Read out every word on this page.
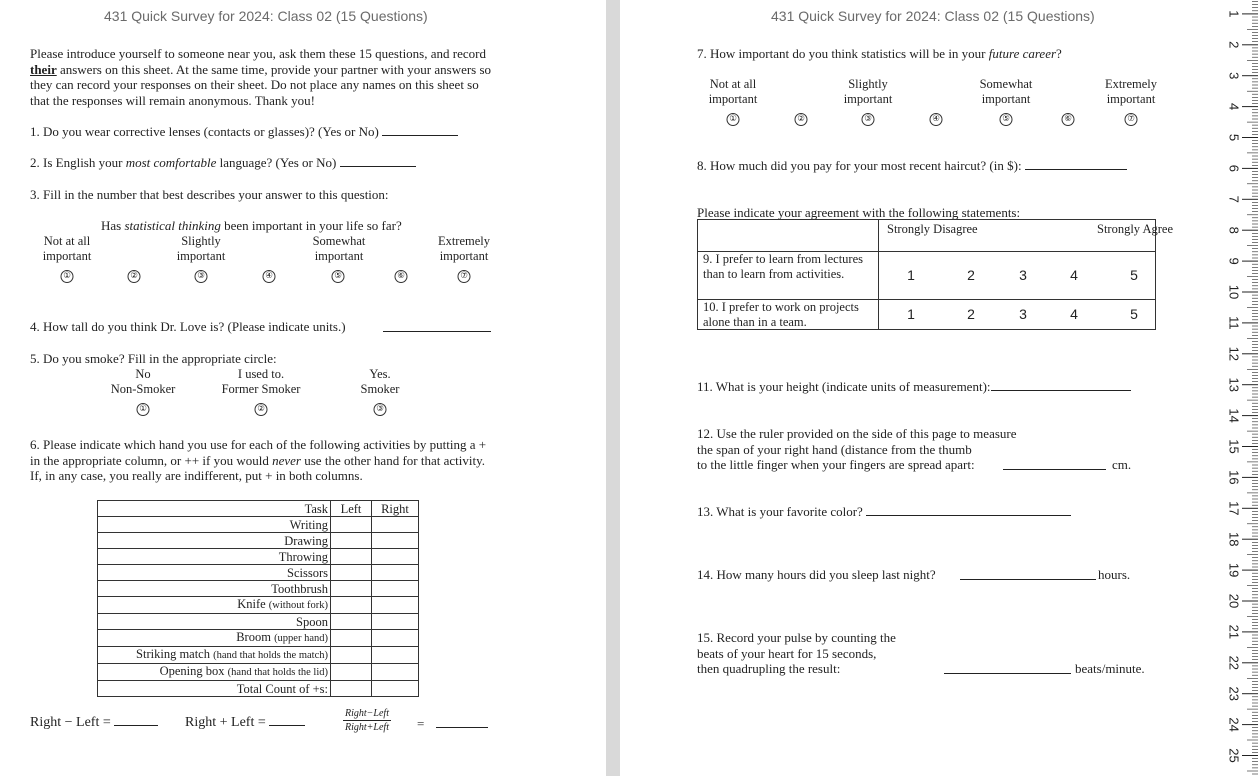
431 Quick Survey for 2024: Class 02 (15 Questions)
Please introduce yourself to someone near you, ask them these 15 questions, and record their answers on this sheet. At the same time, provide your partner with your answers so they can record your responses on their sheet. Do not place any names on this sheet so that the responses will remain anonymous. Thank you!
1. Do you wear corrective lenses (contacts or glasses)? (Yes or No)
2. Is English your most comfortable language? (Yes or No)
3. Fill in the number that best describes your answer to this question:
Has statistical thinking been important in your life so far?
Not at all important
Slightly important
Somewhat important
Extremely important
①	②	③	④	⑤	⑥	⑦
4. How tall do you think Dr. Love is? (Please indicate units.)
5. Do you smoke? Fill in the appropriate circle:
No
Non-Smoker
I used to.
Former Smoker
Yes.
Smoker
①	②	③
6. Please indicate which hand you use for each of the following activities by putting a + in the appropriate column, or ++ if you would never use the other hand for that activity. If, in any case, you really are indifferent, put + in both columns.
Task	Left	Right
Writing		
Drawing		
Throwing		
Scissors		
Toothbrush		
Knife (without fork)		
Spoon		
Broom (upper hand)		
Striking match (hand that holds the match)		
Opening box (hand that holds the lid)		
Total Count of +s:		
Right − Left =	Right + Left =	$\frac{\text{Right−Left}}{\text{Right+Left}}$ =
431 Quick Survey for 2024: Class 02 (15 Questions)
7. How important do you think statistics will be in your future career?
Not at all important
Slightly important
Somewhat important
Extremely important
①	②	③	④	⑤	⑥	⑦
8. How much did you pay for your most recent haircut? (in $):
Please indicate your agreement with the following statements:

	Strongly Disagree Strongly Agree

9. I prefer to learn from lectures than to learn from activities.	1 2 3 4 5

10. I prefer to work on projects alone than in a team.	1 2 3 4 5
11. What is your height (indicate units of measurement):
12. Use the ruler provided on the side of this page to measure
the span of your right hand (distance from the thumb
to the little finger when your fingers are spread apart:	cm.
13. What is your favorite color?
14. How many hours did you sleep last night?	hours.
15. Record your pulse by counting the
beats of your heart for 15 seconds,
then quadrupling the result:	beats/minute.
1
2
3
4
5
6
7
8
9
10
11
12
13
14
15
16
17
18
19
20
21
22
23
24
25
